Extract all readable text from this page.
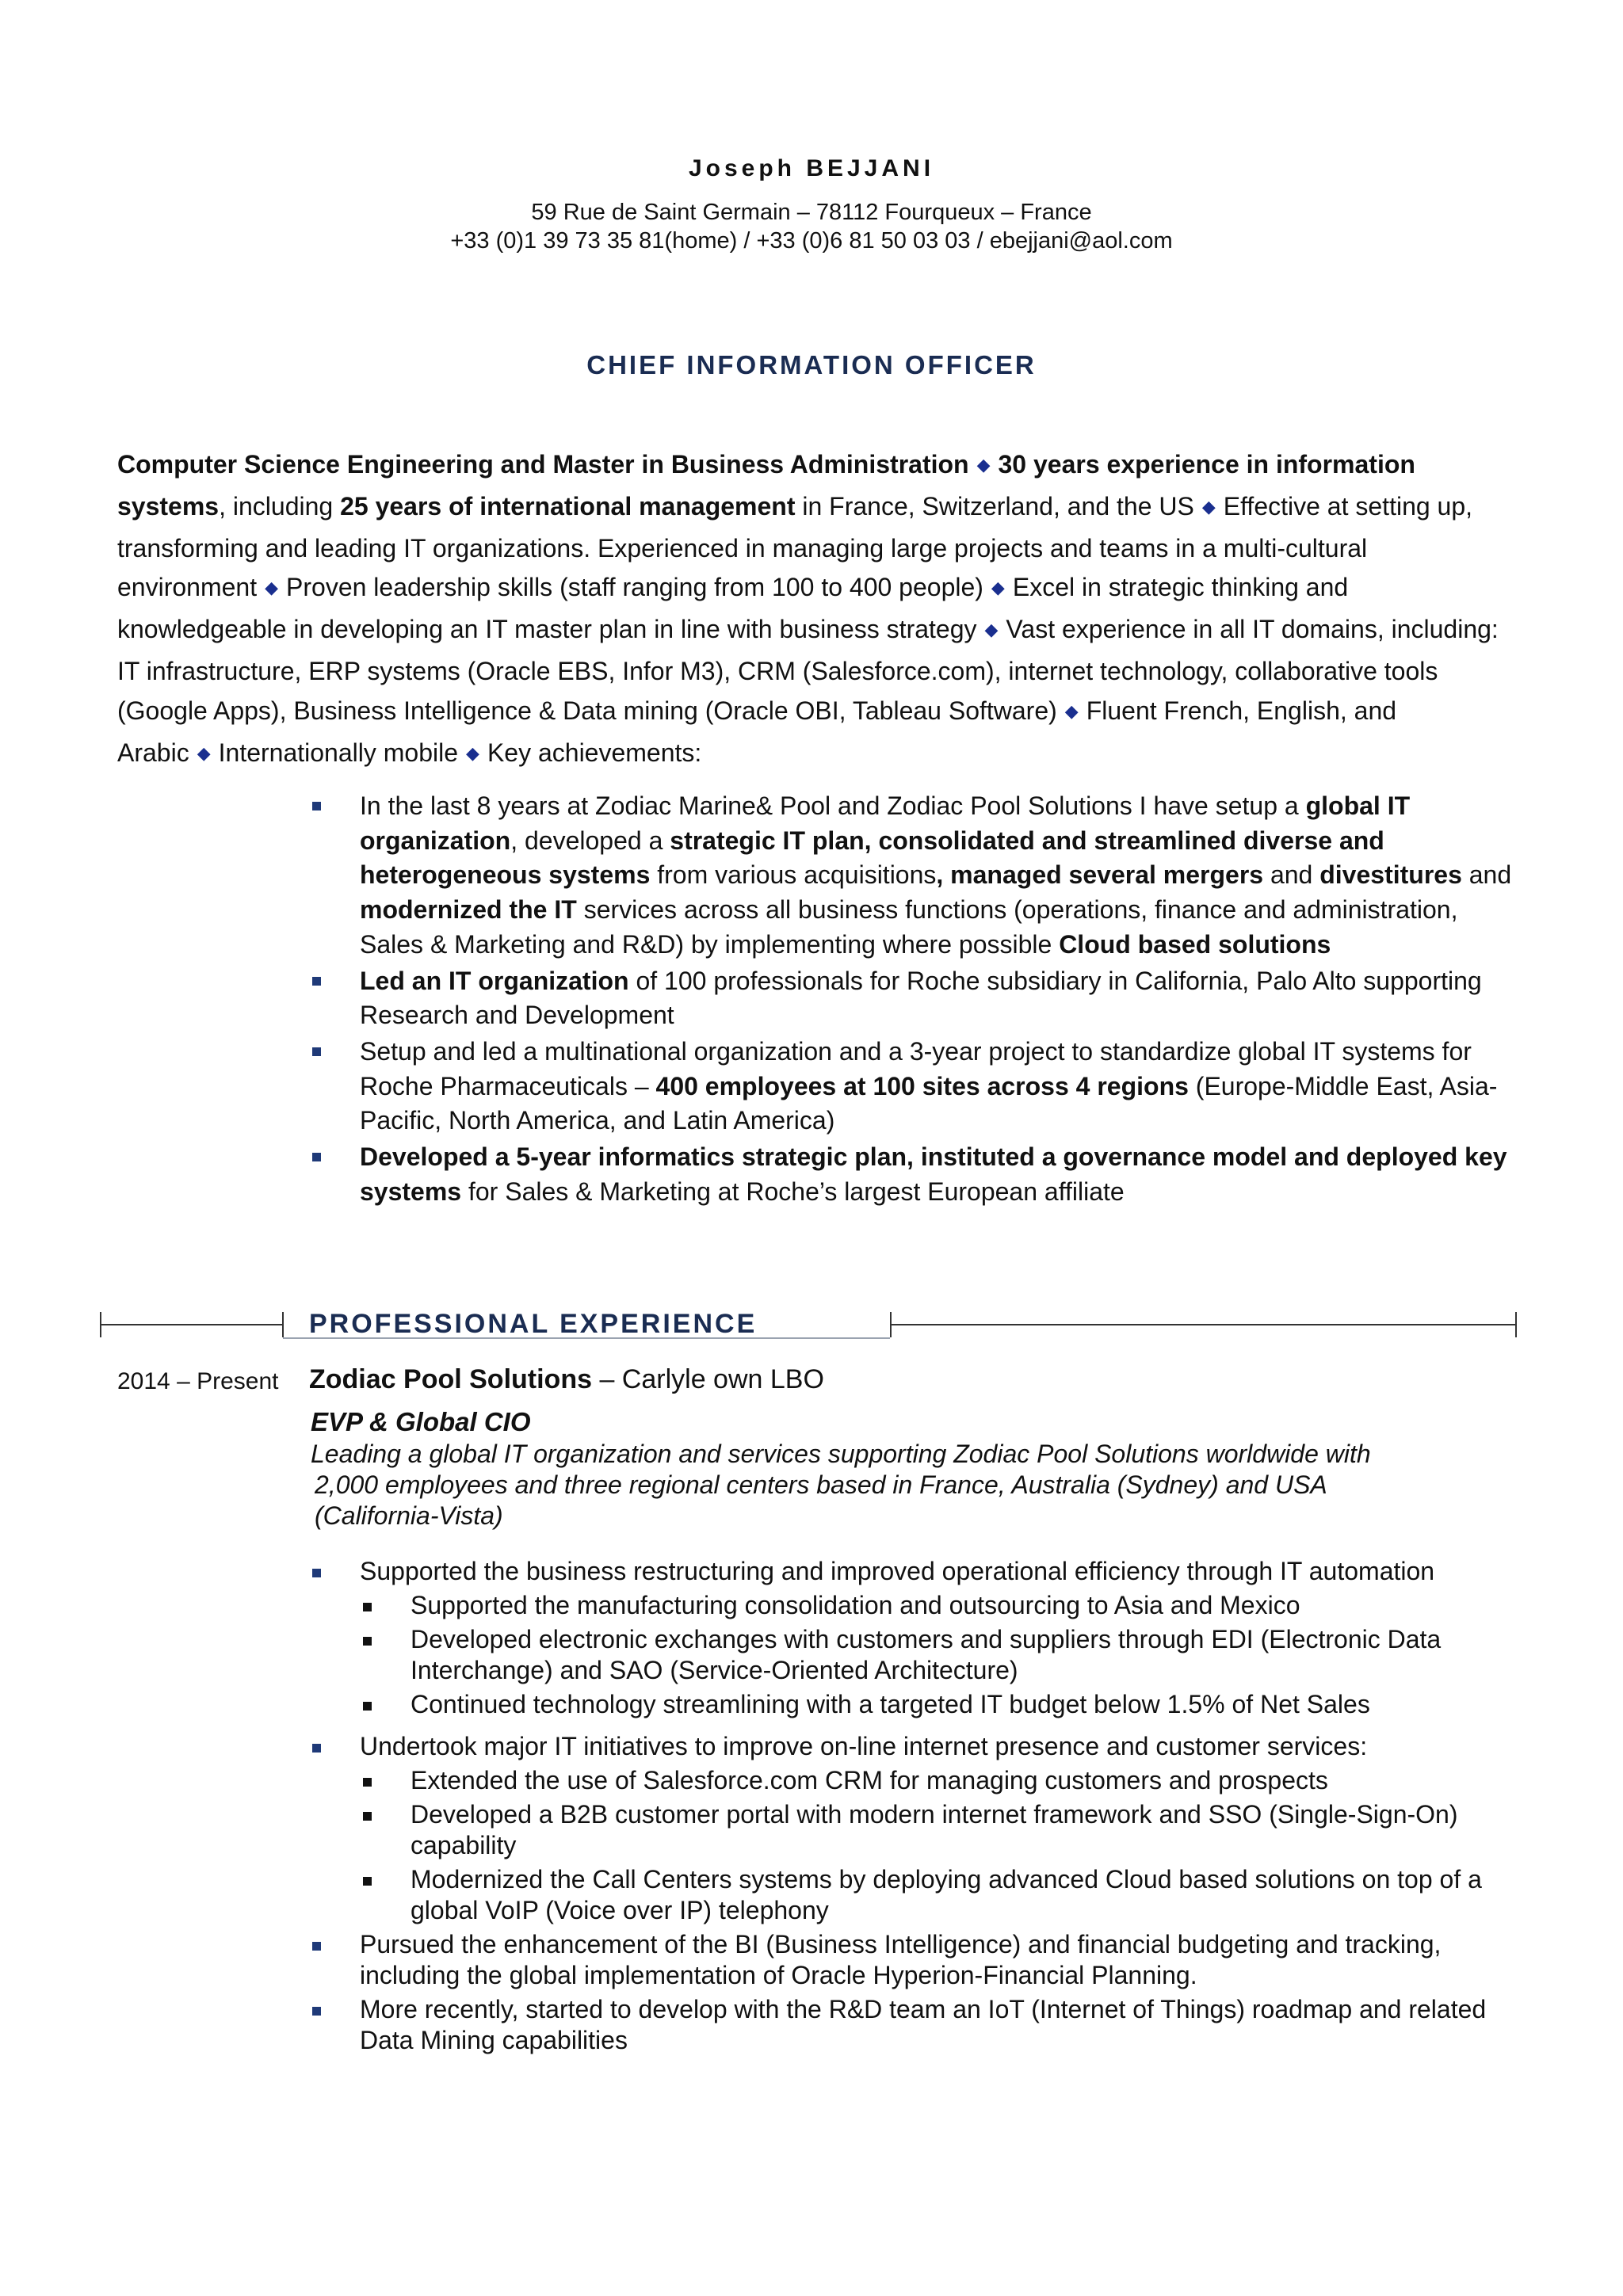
Joseph BEJJANI

59 Rue de Saint Germain – 78112 Fourqueux – France

+33 (0)1 39 73 35 81(home) / +33 (0)6 81 50 03 03 / ebejjani@aol.com

CHIEF INFORMATION OFFICER

Computer Science Engineering and Master in Business Administration ◆ 30 years experience in information systems, including 25 years of international management in France, Switzerland, and the US ◆ Effective at setting up, transforming and leading IT organizations. Experienced in managing large projects and teams in a multi-cultural environment ◆ Proven leadership skills (staff ranging from 100 to 400 people) ◆ Excel in strategic thinking and knowledgeable in developing an IT master plan in line with business strategy ◆ Vast experience in all IT domains, including: IT infrastructure, ERP systems (Oracle EBS, Infor M3), CRM (Salesforce.com), internet technology, collaborative tools (Google Apps), Business Intelligence & Data mining (Oracle OBI, Tableau Software) ◆ Fluent French, English, and Arabic ◆ Internationally mobile ◆ Key achievements:

In the last 8 years at Zodiac Marine& Pool and Zodiac Pool Solutions I have setup a global IT organization, developed a strategic IT plan, consolidated and streamlined diverse and heterogeneous systems from various acquisitions, managed several mergers and divestitures and modernized the IT services across all business functions (operations, finance and administration, Sales & Marketing and R&D) by implementing where possible Cloud based solutions
Led an IT organization of 100 professionals for Roche subsidiary in California, Palo Alto supporting Research and Development
Setup and led a multinational organization and a 3-year project to standardize global IT systems for Roche Pharmaceuticals – 400 employees at 100 sites across 4 regions (Europe-Middle East, Asia-Pacific, North America, and Latin America)
Developed a 5-year informatics strategic plan, instituted a governance model and deployed key systems for Sales & Marketing at Roche’s largest European affiliate

PROFESSIONAL EXPERIENCE

2014 – Present Zodiac Pool Solutions – Carlyle own LBO

EVP & Global CIO

Leading a global IT organization and services supporting Zodiac Pool Solutions worldwide with
2,000 employees and three regional centers based in France, Australia (Sydney) and USA
(California-Vista)

Supported the business restructuring and improved operational efficiency through IT automation
Supported the manufacturing consolidation and outsourcing to Asia and Mexico
Developed electronic exchanges with customers and suppliers through EDI (Electronic Data Interchange) and SAO (Service-Oriented Architecture)
Continued technology streamlining with a targeted IT budget below 1.5% of Net Sales
Undertook major IT initiatives to improve on-line internet presence and customer services:
Extended the use of Salesforce.com CRM for managing customers and prospects
Developed a B2B customer portal with modern internet framework and SSO (Single-Sign-On) capability
Modernized the Call Centers systems by deploying advanced Cloud based solutions on top of a global VoIP (Voice over IP) telephony
Pursued the enhancement of the BI (Business Intelligence) and financial budgeting and tracking, including the global implementation of Oracle Hyperion-Financial Planning.
More recently, started to develop with the R&D team an IoT (Internet of Things) roadmap and related Data Mining capabilities
